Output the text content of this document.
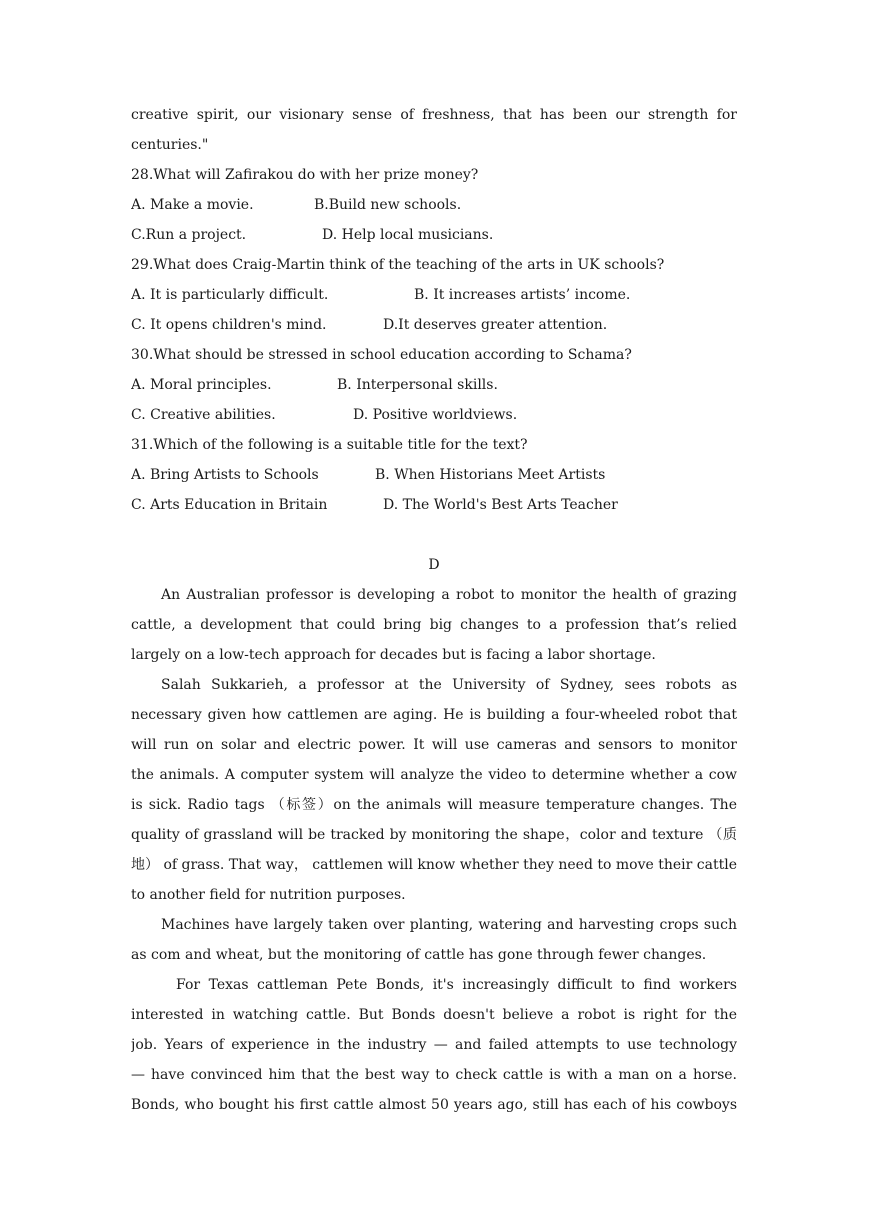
creative spirit, our visionary sense of freshness, that has been our strength for
centuries."
28.What will Zafirakou do with her prize money?
A. Make a movie.	B.Build new schools.
C.Run a project.	D. Help local musicians.
29.What does Craig-Martin think of the teaching of the arts in UK schools?
A. It is particularly difficult.	B. It increases artists’ income.
C. It opens children's mind.	D.It deserves greater attention.
30.What should be stressed in school education according to Schama?
A. Moral principles.	B. Interpersonal skills.
C. Creative abilities.	D. Positive worldviews.
31.Which of the following is a suitable title for the text?
A. Bring Artists to Schools	B. When Historians Meet Artists
C. Arts Education in Britain	D. The World's Best Arts Teacher
D
An Australian professor is developing a robot to monitor the health of grazing
cattle, a development that could bring big changes to a profession that’s relied
largely on a low-tech approach for decades but is facing a labor shortage.
Salah Sukkarieh, a professor at the University of Sydney, sees robots as
necessary given how cattlemen are aging. He is building a four-wheeled robot that
will run on solar and electric power. It will use cameras and sensors to monitor
the animals. A computer system will analyze the video to determine whether a cow
is sick. Radio tags （标签）on the animals will measure temperature changes. The
quality of grassland will be tracked by monitoring the shape，color and texture （质
地） of grass. That way， cattlemen will know whether they need to move their cattle
to another field for nutrition purposes.
Machines have largely taken over planting, watering and harvesting crops such
as com and wheat, but the monitoring of cattle has gone through fewer changes.
For Texas cattleman Pete Bonds, it's increasingly difficult to find workers
interested in watching cattle. But Bonds doesn't believe a robot is right for the
job. Years of experience in the industry — and failed attempts to use technology
— have convinced him that the best way to check cattle is with a man on a horse.
Bonds, who bought his first cattle almost 50 years ago, still has each of his cowboys
